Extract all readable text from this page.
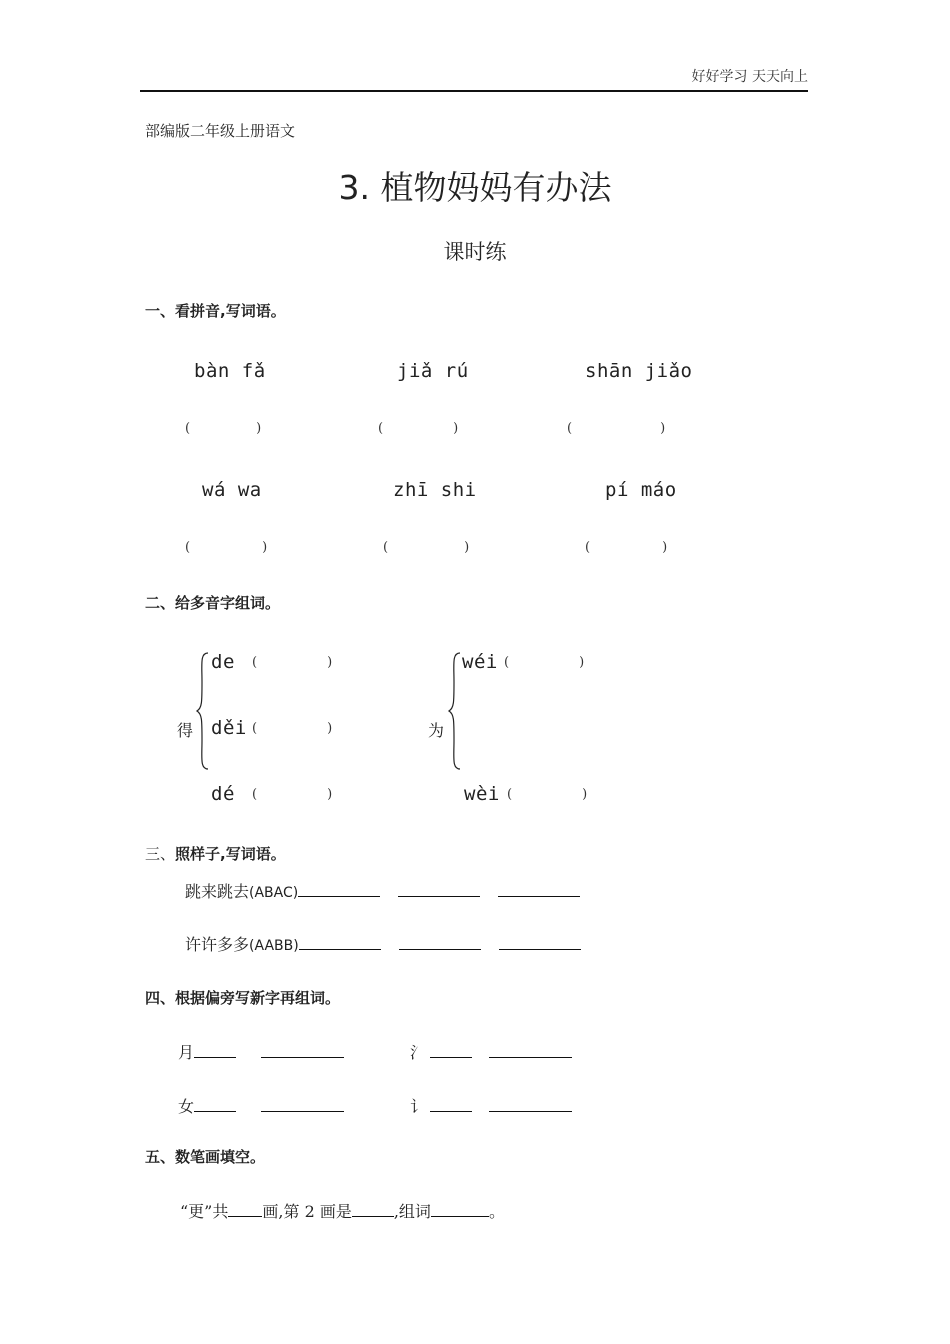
好好学习 天天向上
部编版二年级上册语文
3. 植物妈妈有办法
课时练
一、看拼音,写词语。
bàn fǎ	jiǎ rú	shān jiǎo
(	)	(	)	(	)
wá wa	zhī shi	pí máo
(	)	(	)	(	)
二、给多音字组词。
得
de (	)
děi (	)
dé (	)
为
wéi (	)
wèi (	)
三、照样子,写词语。
跳来跳去(ABAC)
许许多多(AABB)
四、根据偏旁写新字再组词。
月	氵
女	讠
五、数笔画填空。
“更”共 画,第 2 画是	,组词	。
